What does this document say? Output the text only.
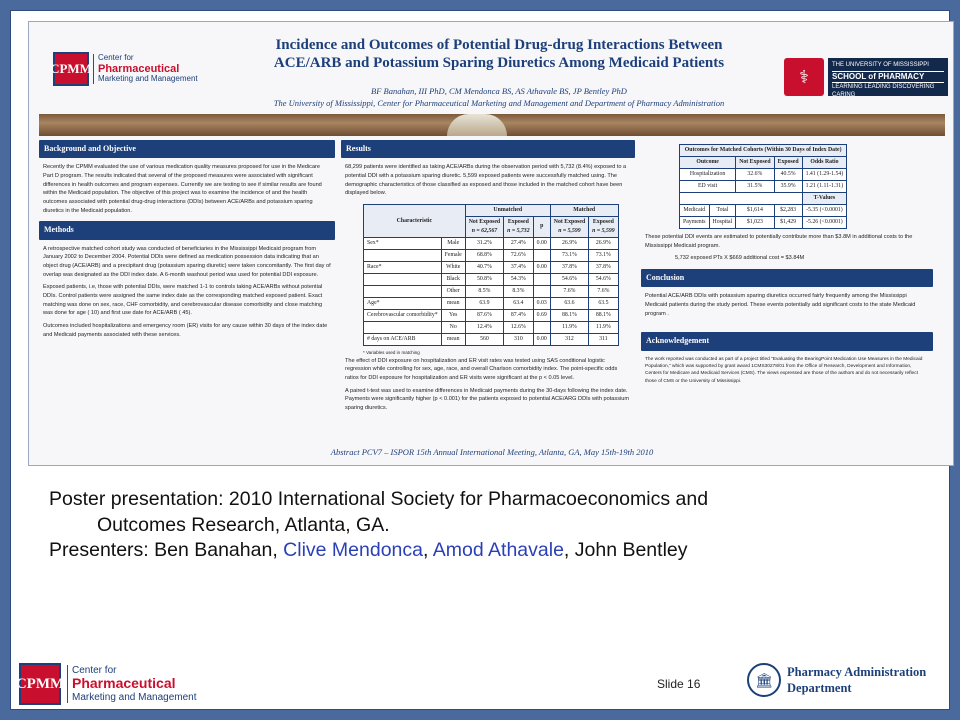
CPMM
Center for
Pharmaceutical
Marketing and Management
Incidence and Outcomes of Potential Drug-drug Interactions Between
ACE/ARB and Potassium Sparing Diuretics Among Medicaid Patients
BF Banahan, III PhD, CM Mendonca BS, AS Athavale BS, JP Bentley PhD
The University of Mississippi, Center for Pharmaceutical Marketing and Management and Department of Pharmacy Administration
⚕
THE UNIVERSITY OF MISSISSIPPI
SCHOOL of PHARMACY
LEARNING LEADING DISCOVERING CARING
Background and Objective

Recently the CPMM evaluated the use of various medication quality measures proposed for use in the Medicare Part D program. The results indicated that several of the proposed measures were associated with significant differences in health outcomes and program expenses. Currently we are testing to see if similar results are found within the Medicaid population. The objective of this project was to examine the incidence of and the health outcomes associated with potential drug-drug interactions (DDIs) between ACE/ARBs and potassium sparing diuretics in the Medicaid population.

Methods

A retrospective matched cohort study was conducted of beneficiaries in the Mississippi Medicaid program from January 2002 to December 2004. Potential DDIs were defined as medication possession data indicating that an object drug (ACE/ARB) and a precipitant drug (potassium sparing diuretic) were taken concomitantly. The first day of overlap was designated as the DDI index date. A 6-month washout period was used for potential DDI exposure.

Exposed patients, i.e, those with potential DDIs, were matched 1-1 to controls taking ACE/ARBs without potential DDIs. Control patients were assigned the same index date as the corresponding matched exposed patient. Exact matching was done on sex, race, CHF comorbidity, and cerebrovascular disease comorbidity and close matching was done for age ( 10) and first use date for ACE/ARB ( 45).

Outcomes included hospitalizations and emergency room (ER) visits for any cause within 30 days of the index date and Medicaid payments associated with these services.

Results

68,299 patients were identified as taking ACE/ARBs during the observation period with 5,732 (8.4%) exposed to a potential DDI with a potassium sparing diuretic. 5,599 exposed patients were successfully matched using. The demographic characteristics of those classified as exposed and those included in the matched cohort have been displayed below.

Characteristic		Unmatched			Matched	
		Not Exposed
n = 62,567	Exposed
n = 5,732	p	Not Exposed
n = 5,599	Exposed
n = 5,599
Sex*	Male	31.2%	27.4%	0.00	26.9%	26.9%
	Female	68.8%	72.6%		73.1%	73.1%
Race*	White	40.7%	37.4%	0.00	37.8%	37.8%
	Black	50.8%	54.3%		54.6%	54.6%
	Other	8.5%	8.3%		7.6%	7.6%
Age*	mean	63.9	63.4	0.03	63.6	63.5
Cerebrovascular comorbidity*	Yes	87.6%	87.4%	0.69	88.1%	88.1%
	No	12.4%	12.6%		11.9%	11.9%
# days on ACE/ARB	mean	560	310	0.00	312	311
* Variables used in matching

The effect of DDI exposure on hospitalization and ER visit rates was tested using SAS conditional logistic regression while controlling for sex, age, race, and overall Charlson comorbidity index. The point-specific odds ratios for DDI exposure for hospitalization and ER visits were significant at the p < 0.05 level.

A paired t-test was used to examine differences in Medicaid payments during the 30-days following the index date. Payments were significantly higher (p < 0.001) for the patients exposed to potential ACE/ARG DDIs with potassium sparing diuretics.

Outcomes for Matched Cohorts (Within 30 Days of Index Date)				
Outcome		Not Exposed	Exposed	Odds Ratio
Hospitalization		32.6%	40.5%	1.41 (1.29-1.54)
ED visit		31.5%	35.9%	1.21 (1.11-1.31)
				T-Values
Medicaid	Total	$1,614	$2,283	-5.35 (<0.0001)
Payments	Hospital	$1,023	$1,429	-5.26 (<0.0001)

These potential DDI events are estimated to potentially contribute more than $3.8M in additional costs to the Mississippi Medicaid program.

5,732 exposed PTs X $669 additional cost = $3.84M

Conclusion

Potential ACE/ARB DDIs with potassium sparing diuretics occurred fairly frequently among the Mississippi Medicaid patients during the study period. These events potentially add significant costs to the state Medicaid program .

Acknowledgement

The work reported was conducted as part of a project titled "Evaluating the BearingPoint Medication Use Measures in the Medicaid Population," which was supported by grant award 1CMS30278/01 from the Office of Research, Development and Information, Centers for Medicare and Medicaid Services (CMS). The views expressed are those of the authors and do not necessarily reflect those of CMS or the University of Mississippi.

Abstract PCV7 – ISPOR 15th Annual International Meeting, Atlanta, GA, May 15th-19th 2010
Poster presentation: 2010 International Society for Pharmacoeconomics and
Outcomes Research, Atlanta, GA.
Presenters: Ben Banahan, Clive Mendonca, Amod Athavale, John Bentley
CPMM
Center for
Pharmaceutical
Marketing and Management
Slide 16	🏛	Pharmacy Administration
Department
